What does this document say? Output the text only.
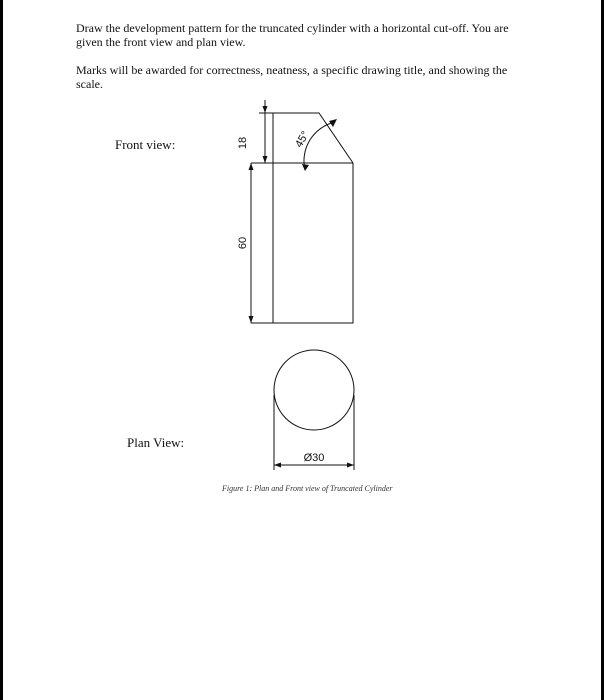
Draw the development pattern for the truncated cylinder with a horizontal cut-off. You are given the front view and plan view.

Marks will be awarded for correctness, neatness, a specific drawing title, and showing the scale.

Front view:
Plan View:
18
60
45°
Ø30
Figure 1: Plan and Front view of Truncated Cylinder
